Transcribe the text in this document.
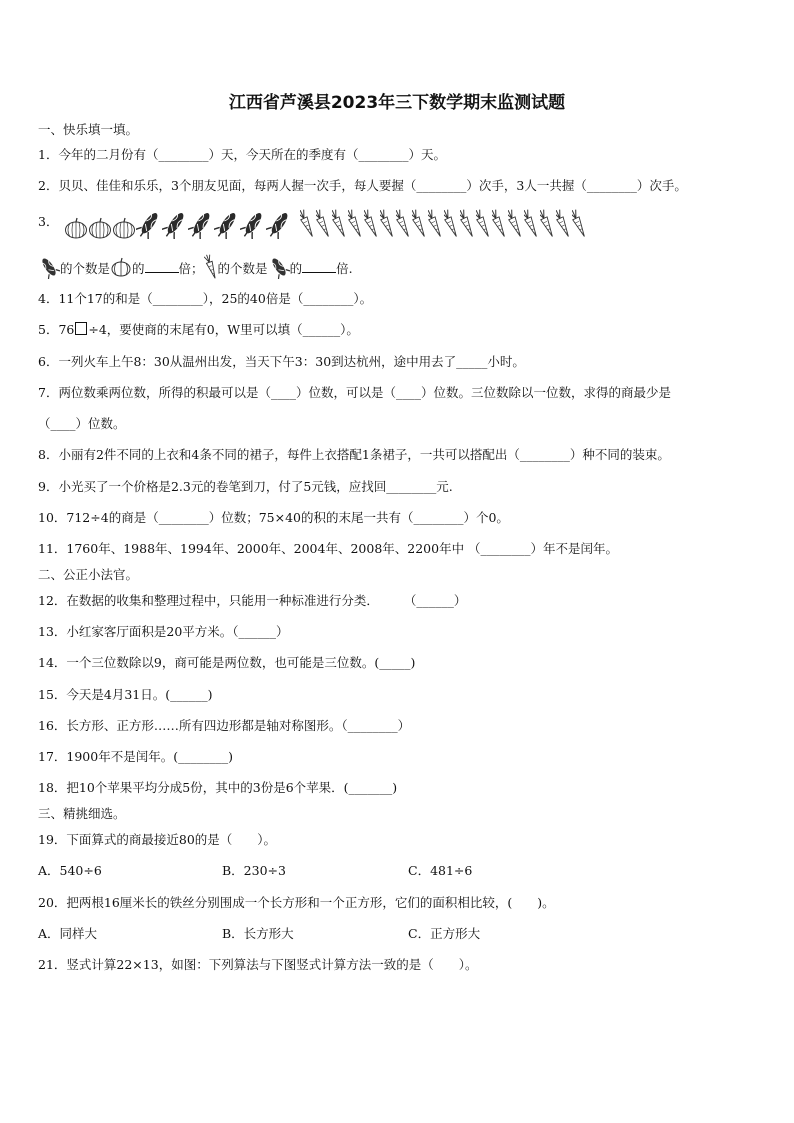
江西省芦溪县2023年三下数学期末监测试题
一、快乐填一填。
1．今年的二月份有（________）天，今天所在的季度有（________）天。
2．贝贝、佳佳和乐乐，3个朋友见面，每两人握一次手，每人要握（________）次手，3人一共握（________）次手。
3．
的个数是 的	倍； 的个数是 的	倍.
4．11个17的和是（________），25的40倍是（________）。
5．76 ÷4，要使商的末尾有0，W里可以填（______）。
6．一列火车上午8：30从温州出发，当天下午3：30到达杭州，途中用去了_____小时。
7．两位数乘两位数，所得的积最可以是（____）位数，可以是（____）位数。三位数除以一位数，求得的商最少是
（____）位数。
8．小丽有2件不同的上衣和4条不同的裙子，每件上衣搭配1条裙子，一共可以搭配出（________）种不同的装束。
9．小光买了一个价格是2.3元的卷笔到刀，付了5元钱，应找回________元.
10．712÷4的商是（________）位数；75×40的积的末尾一共有（________）个0。
11．1760年、1988年、1994年、2000年、2004年、2008年、2200年中 （________）年不是闰年。
二、公正小法官。
12．在数据的收集和整理过程中，只能用一种标准进行分类．　　　（______）
13．小红家客厅面积是20平方米。（______）
14．一个三位数除以9，商可能是两位数，也可能是三位数。(_____)
15．今天是4月31日。(______)
16．长方形、正方形……所有四边形都是轴对称图形。（________）
17．1900年不是闰年。(________)
18．把10个苹果平均分成5份，其中的3份是6个苹果．(_______)
三、精挑细选。
19．下面算式的商最接近80的是（　　）。
A．540÷6	B．230÷3	C．481÷6
20．把两根16厘米长的铁丝分别围成一个长方形和一个正方形，它们的面积相比较，(　　)。
A．同样大	B．长方形大	C．正方形大
21．竖式计算22×13，如图：下列算法与下图竖式计算方法一致的是（　　）。
